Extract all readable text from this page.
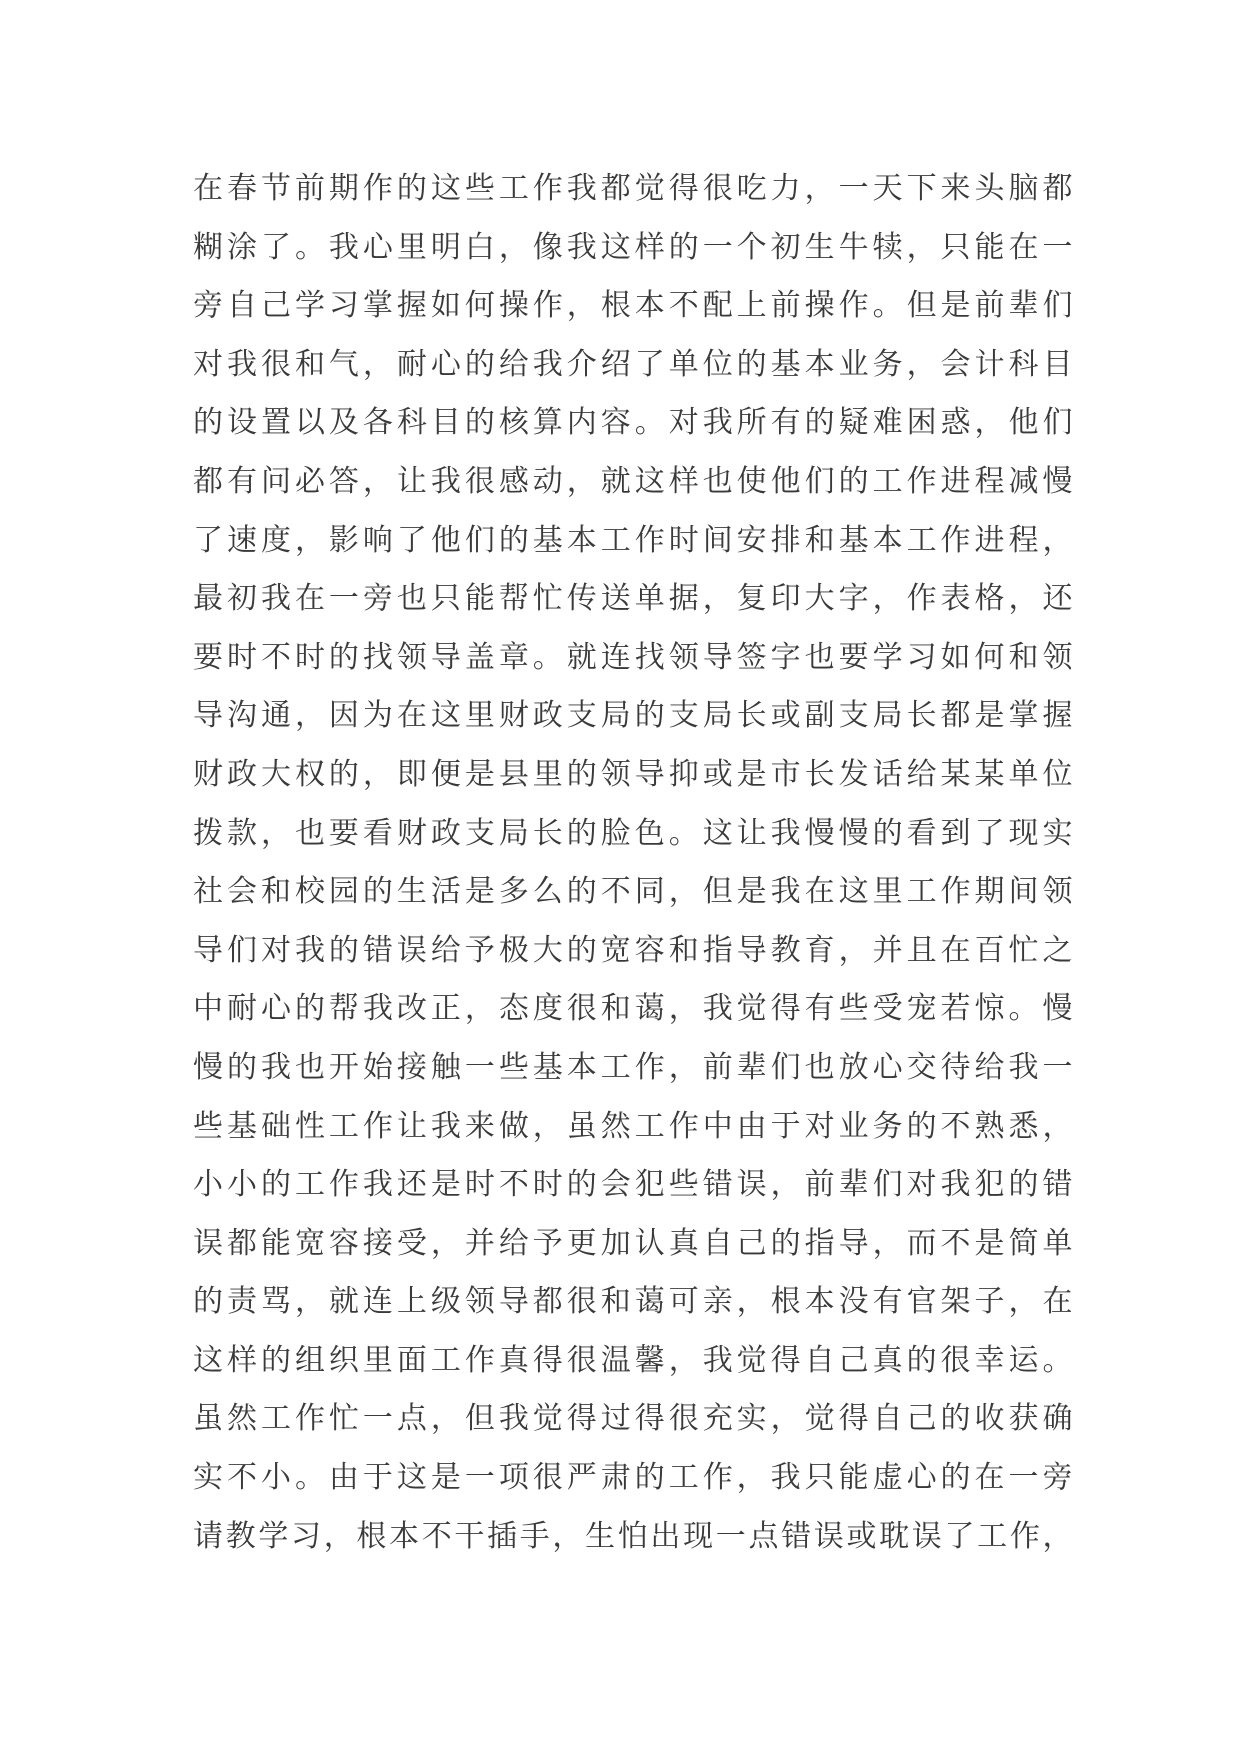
在春节前期作的这些工作我都觉得很吃力，一天下来头脑都
糊涂了。我心里明白，像我这样的一个初生牛犊，只能在一
旁自己学习掌握如何操作，根本不配上前操作。但是前辈们
对我很和气，耐心的给我介绍了单位的基本业务，会计科目
的设置以及各科目的核算内容。对我所有的疑难困惑，他们
都有问必答，让我很感动，就这样也使他们的工作进程减慢
了速度，影响了他们的基本工作时间安排和基本工作进程，
最初我在一旁也只能帮忙传送单据，复印大字，作表格，还
要时不时的找领导盖章。就连找领导签字也要学习如何和领
导沟通，因为在这里财政支局的支局长或副支局长都是掌握
财政大权的，即便是县里的领导抑或是市长发话给某某单位
拨款，也要看财政支局长的脸色。这让我慢慢的看到了现实
社会和校园的生活是多么的不同，但是我在这里工作期间领
导们对我的错误给予极大的宽容和指导教育，并且在百忙之
中耐心的帮我改正，态度很和蔼，我觉得有些受宠若惊。慢
慢的我也开始接触一些基本工作，前辈们也放心交待给我一
些基础性工作让我来做，虽然工作中由于对业务的不熟悉，
小小的工作我还是时不时的会犯些错误，前辈们对我犯的错
误都能宽容接受，并给予更加认真自己的指导，而不是简单
的责骂，就连上级领导都很和蔼可亲，根本没有官架子，在
这样的组织里面工作真得很温馨，我觉得自己真的很幸运。
虽然工作忙一点，但我觉得过得很充实，觉得自己的收获确
实不小。由于这是一项很严肃的工作，我只能虚心的在一旁
请教学习，根本不干插手，生怕出现一点错误或耽误了工作，
